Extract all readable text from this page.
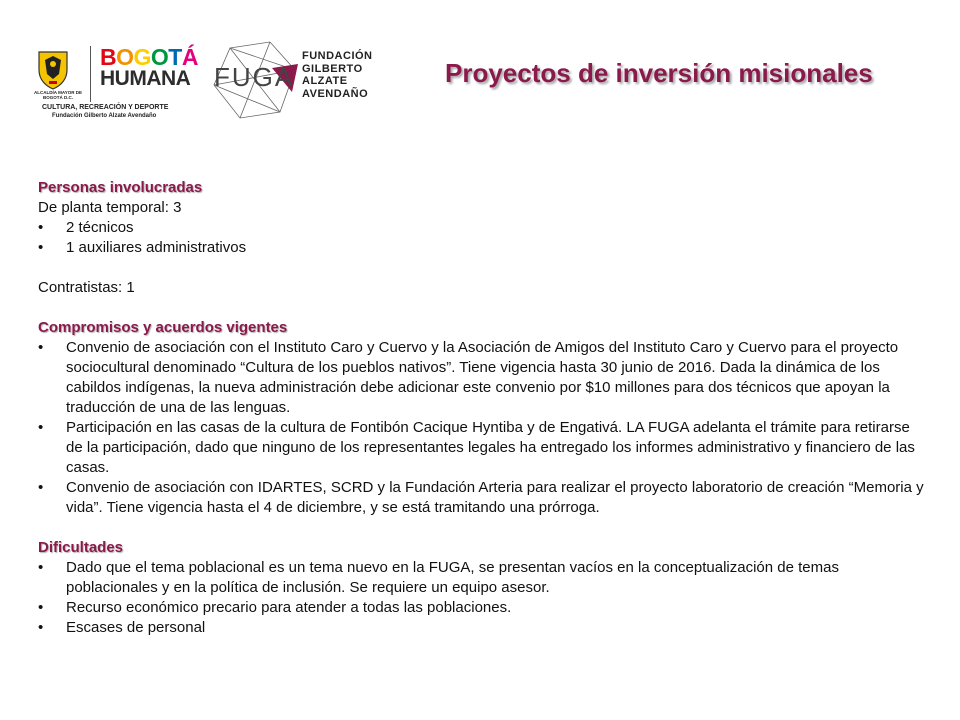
ALCALDÍA MAYOR DE BOGOTÁ D.C.
BOGOTÁ
HUMANA
CULTURA, RECREACIÓN Y DEPORTE
Fundación Gilberto Alzate Avendaño
FUGA
FUNDACIÓN
GILBERTO
ALZATE
AVENDAÑO
Proyectos de inversión misionales
Personas involucradas
De planta temporal: 3
• 2 técnicos
• 1 auxiliares administrativos
Contratistas: 1
Compromisos y acuerdos vigentes
• Convenio de asociación con el Instituto Caro y Cuervo y la Asociación de Amigos del Instituto Caro y Cuervo para el proyecto sociocultural denominado “Cultura de los pueblos nativos”. Tiene vigencia hasta 30 junio de 2016. Dada la dinámica de los cabildos indígenas, la nueva administración debe adicionar este convenio por $10 millones para dos técnicos que apoyan la traducción de una de las lenguas.
• Participación en las casas de la cultura de Fontibón Cacique Hyntiba y de Engativá. LA FUGA adelanta el trámite para retirarse de la participación, dado que ninguno de los representantes legales ha entregado los informes administrativo y financiero de las casas.
• Convenio de asociación con IDARTES, SCRD y la Fundación Arteria para realizar el proyecto laboratorio de creación “Memoria y vida”. Tiene vigencia hasta el 4 de diciembre, y se está tramitando una prórroga.
Dificultades
• Dado que el tema poblacional es un tema nuevo en la FUGA, se presentan vacíos en la conceptualización de temas poblacionales y en la política de inclusión. Se requiere un equipo asesor.
• Recurso económico precario para atender a todas las poblaciones.
• Escases de personal
